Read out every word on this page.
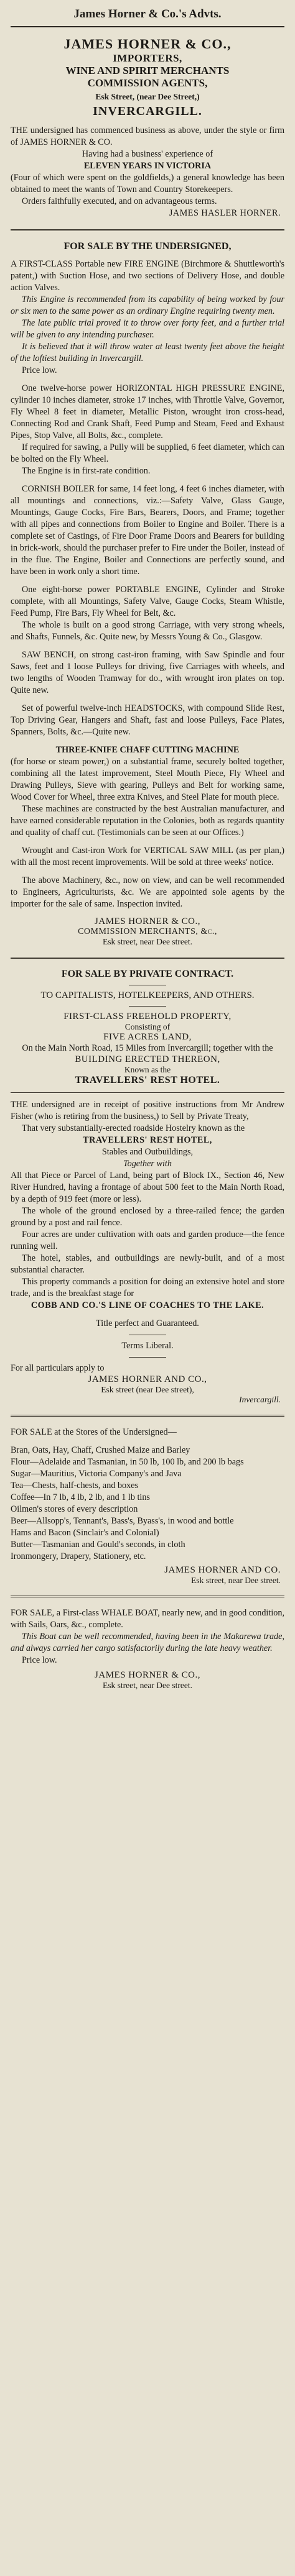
James Horner & Co.'s Advts.
JAMES HORNER & CO.,
IMPORTERS,
WINE AND SPIRIT MERCHANTS
COMMISSION AGENTS,
Esk Street, (near Dee Street,)
INVERCARGILL.

THE undersigned has commenced business as above, under the style or firm of JAMES HORNER & CO.

Having had a business' experience of

ELEVEN YEARS IN VICTORIA

(Four of which were spent on the goldfields,) a general knowledge has been obtained to meet the wants of Town and Country Storekeepers.

Orders faithfully executed, and on advantageous terms.

JAMES HASLER HORNER.

FOR SALE BY THE UNDERSIGNED,

A FIRST-CLASS Portable new FIRE ENGINE (Birchmore & Shuttleworth's patent,) with Suction Hose, and two sections of Delivery Hose, and double action Valves.

This Engine is recommended from its capability of being worked by four or six men to the same power as an ordinary Engine requiring twenty men.

The late public trial proved it to throw over forty feet, and a further trial will be given to any intending purchaser.

It is believed that it will throw water at least twenty feet above the height of the loftiest building in Invercargill.

Price low.

One twelve-horse power HORIZONTAL HIGH PRESSURE ENGINE, cylinder 10 inches diameter, stroke 17 inches, with Throttle Valve, Governor, Fly Wheel 8 feet in diameter, Metallic Piston, wrought iron cross-head, Connecting Rod and Crank Shaft, Feed Pump and Steam, Feed and Exhaust Pipes, Stop Valve, all Bolts, &c., complete.

If required for sawing, a Pully will be supplied, 6 feet diameter, which can be bolted on the Fly Wheel.

The Engine is in first-rate condition.

CORNISH BOILER for same, 14 feet long, 4 feet 6 inches diameter, with all mountings and connections, viz.:—Safety Valve, Glass Gauge, Mountings, Gauge Cocks, Fire Bars, Bearers, Doors, and Frame; together with all pipes and connections from Boiler to Engine and Boiler. There is a complete set of Castings, of Fire Door Frame Doors and Bearers for building in brick-work, should the purchaser prefer to Fire under the Boiler, instead of in the flue. The Engine, Boiler and Connections are perfectly sound, and have been in work only a short time.

One eight-horse power PORTABLE ENGINE, Cylinder and Stroke complete, with all Mountings, Safety Valve, Gauge Cocks, Steam Whistle, Feed Pump, Fire Bars, Fly Wheel for Belt, &c.

The whole is built on a good strong Carriage, with very strong wheels, and Shafts, Funnels, &c. Quite new, by Messrs Young & Co., Glasgow.

SAW BENCH, on strong cast-iron framing, with Saw Spindle and four Saws, feet and 1 loose Pulleys for driving, five Carriages with wheels, and two lengths of Wooden Tramway for do., with wrought iron plates on top. Quite new.

Set of powerful twelve-inch HEADSTOCKS, with compound Slide Rest, Top Driving Gear, Hangers and Shaft, fast and loose Pulleys, Face Plates, Spanners, Bolts, &c.—Quite new.

THREE-KNIFE CHAFF CUTTING MACHINE

(for horse or steam power,) on a substantial frame, securely bolted together, combining all the latest improvement, Steel Mouth Piece, Fly Wheel and Drawing Pulleys, Sieve with gearing, Pulleys and Belt for working same, Wood Cover for Wheel, three extra Knives, and Steel Plate for mouth piece.

These machines are constructed by the best Australian manufacturer, and have earned considerable reputation in the Colonies, both as regards quantity and quality of chaff cut. (Testimonials can be seen at our Offices.)

Wrought and Cast-iron Work for VERTICAL SAW MILL (as per plan,) with all the most recent improvements. Will be sold at three weeks' notice.

The above Machinery, &c., now on view, and can be well recommended to Engineers, Agriculturists, &c. We are appointed sole agents by the importer for the sale of same. Inspection invited.

JAMES HORNER & CO.,
COMMISSION MERCHANTS, &c.,
Esk street, near Dee street.
FOR SALE BY PRIVATE CONTRACT.
TO CAPITALISTS, HOTELKEEPERS, AND OTHERS.
FIRST-CLASS FREEHOLD PROPERTY,
Consisting of
FIVE ACRES LAND,

On the Main North Road, 15 Miles from Invercargill; together with the

BUILDING ERECTED THEREON,
Known as the
TRAVELLERS' REST HOTEL.

THE undersigned are in receipt of positive instructions from Mr Andrew Fisher (who is retiring from the business,) to Sell by Private Treaty,

That very substantially-erected roadside Hostelry known as the

TRAVELLERS' REST HOTEL,

Stables and Outbuildings,

Together with

All that Piece or Parcel of Land, being part of Block IX., Section 46, New River Hundred, having a frontage of about 500 feet to the Main North Road, by a depth of 919 feet (more or less).

The whole of the ground enclosed by a three-railed fence; the garden ground by a post and rail fence.

Four acres are under cultivation with oats and garden produce—the fence running well.

The hotel, stables, and outbuildings are newly-built, and of a most substantial character.

This property commands a position for doing an extensive hotel and store trade, and is the breakfast stage for

COBB AND CO.'S LINE OF COACHES TO THE LAKE.

Title perfect and Guaranteed.

Terms Liberal.

For all particulars apply to

JAMES HORNER AND CO.,
Esk street (near Dee street),
Invercargill.

FOR SALE at the Stores of the Undersigned—

Bran, Oats, Hay, Chaff, Crushed Maize and Barley
Flour—Adelaide and Tasmanian, in 50 lb, 100 lb, and 200 lb bags
Sugar—Mauritius, Victoria Company's and Java
Tea—Chests, half-chests, and boxes
Coffee—In 7 lb, 4 lb, 2 lb, and 1 lb tins
Oilmen's stores of every description
Beer—Allsopp's, Tennant's, Bass's, Byass's, in wood and bottle
Hams and Bacon (Sinclair's and Colonial)
Butter—Tasmanian and Gould's seconds, in cloth
Ironmongery, Drapery, Stationery, etc.
JAMES HORNER AND CO.
Esk street, near Dee street.

FOR SALE, a First-class WHALE BOAT, nearly new, and in good condition, with Sails, Oars, &c., complete.

This Boat can be well recommended, having been in the Makarewa trade, and always carried her cargo satisfactorily during the late heavy weather.

Price low.

JAMES HORNER & CO.,
Esk street, near Dee street.
